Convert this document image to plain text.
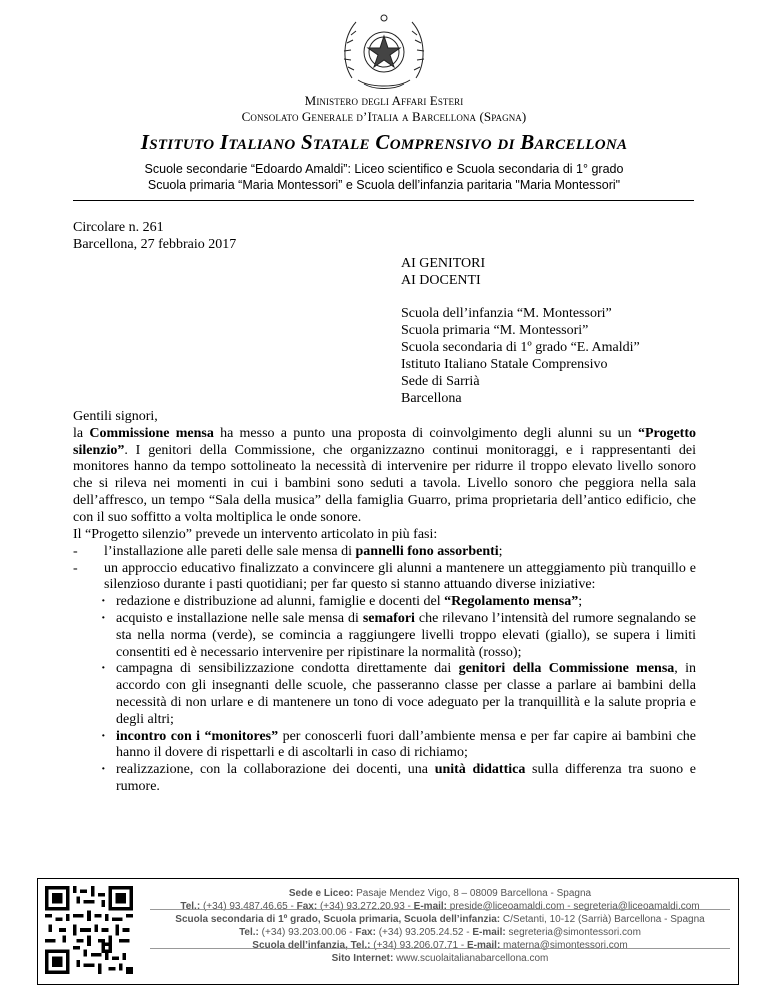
Ministero degli Affari Esteri
Consolato Generale d’Italia a Barcellona (Spagna)
Istituto Italiano Statale Comprensivo di Barcellona
Scuole secondarie “Edoardo Amaldi”: Liceo scientifico e Scuola secondaria di 1° grado
Scuola primaria “Maria Montessori” e Scuola dell’infanzia paritaria "Maria Montessori"
Circolare n. 261
Barcellona, 27 febbraio 2017
AI GENITORI
AI DOCENTI
Scuola dell’infanzia “M. Montessori”
Scuola primaria “M. Montessori”
Scuola secondaria di 1º grado “E. Amaldi”
Istituto Italiano Statale Comprensivo
Sede di Sarrià
Barcellona
Gentili signori,
la Commissione mensa ha messo a punto una proposta di coinvolgimento degli alunni su un “Progetto silenzio”. I genitori della Commissione, che organizzazno continui monitoraggi, e i rappresentanti dei monitores hanno da tempo sottolineato la necessità di intervenire per ridurre il troppo elevato livello sonoro che si rileva nei momenti in cui i bambini sono seduti a tavola. Livello sonoro che peggiora nella sala dell’affresco, un tempo “Sala della musica” della famiglia Guarro, prima proprietaria dell’antico edificio, che con il suo soffitto a volta moltiplica le onde sonore.
Il “Progetto silenzio” prevede un intervento articolato in più fasi:
- l’installazione alle pareti delle sale mensa di pannelli fono assorbenti;
- un approccio educativo finalizzato a convincere gli alunni a mantenere un atteggiamento più tranquillo e silenzioso durante i pasti quotidiani; per far questo si stanno attuando diverse iniziative:
· redazione e distribuzione ad alunni, famiglie e docenti del “Regolamento mensa”;
· acquisto e installazione nelle sale mensa di semafori che rilevano l’intensità del rumore segnalando se sta nella norma (verde), se comincia a raggiungere livelli troppo elevati (giallo), se supera i limiti consentiti ed è necessario intervenire per ripistinare la normalità (rosso);
· campagna di sensibilizzazione condotta direttamente dai genitori della Commissione mensa, in accordo con gli insegnanti delle scuole, che passeranno classe per classe a parlare ai bambini della necessità di non urlare e di mantenere un tono di voce adeguato per la tranquillità e la salute propria e degli altri;
· incontro con i “monitores” per conoscerli fuori dall’ambiente mensa e per far capire ai bambini che hanno il dovere di rispettarli e di ascoltarli in caso di richiamo;
· realizzazione, con la collaborazione dei docenti, una unità didattica sulla differenza tra suono e rumore.
Sede e Liceo: Pasaje Mendez Vigo, 8 – 08009 Barcellona - Spagna
Tel.: (+34) 93.487.46.65 - Fax: (+34) 93.272.20.93 - E-mail: preside@liceoamaldi.com - segreteria@liceoamaldi.com
Scuola secondaria di 1º grado, Scuola primaria, Scuola dell’infanzia: C/Setanti, 10-12 (Sarrià) Barcellona - Spagna
Tel.: (+34) 93.203.00.06 - Fax: (+34) 93.205.24.52 - E-mail: segreteria@simontessori.com
Scuola dell’infanzia, Tel.: (+34) 93.206.07.71 - E-mail: materna@simontessori.com
Sito Internet: www.scuolaitalianabarcellona.com
